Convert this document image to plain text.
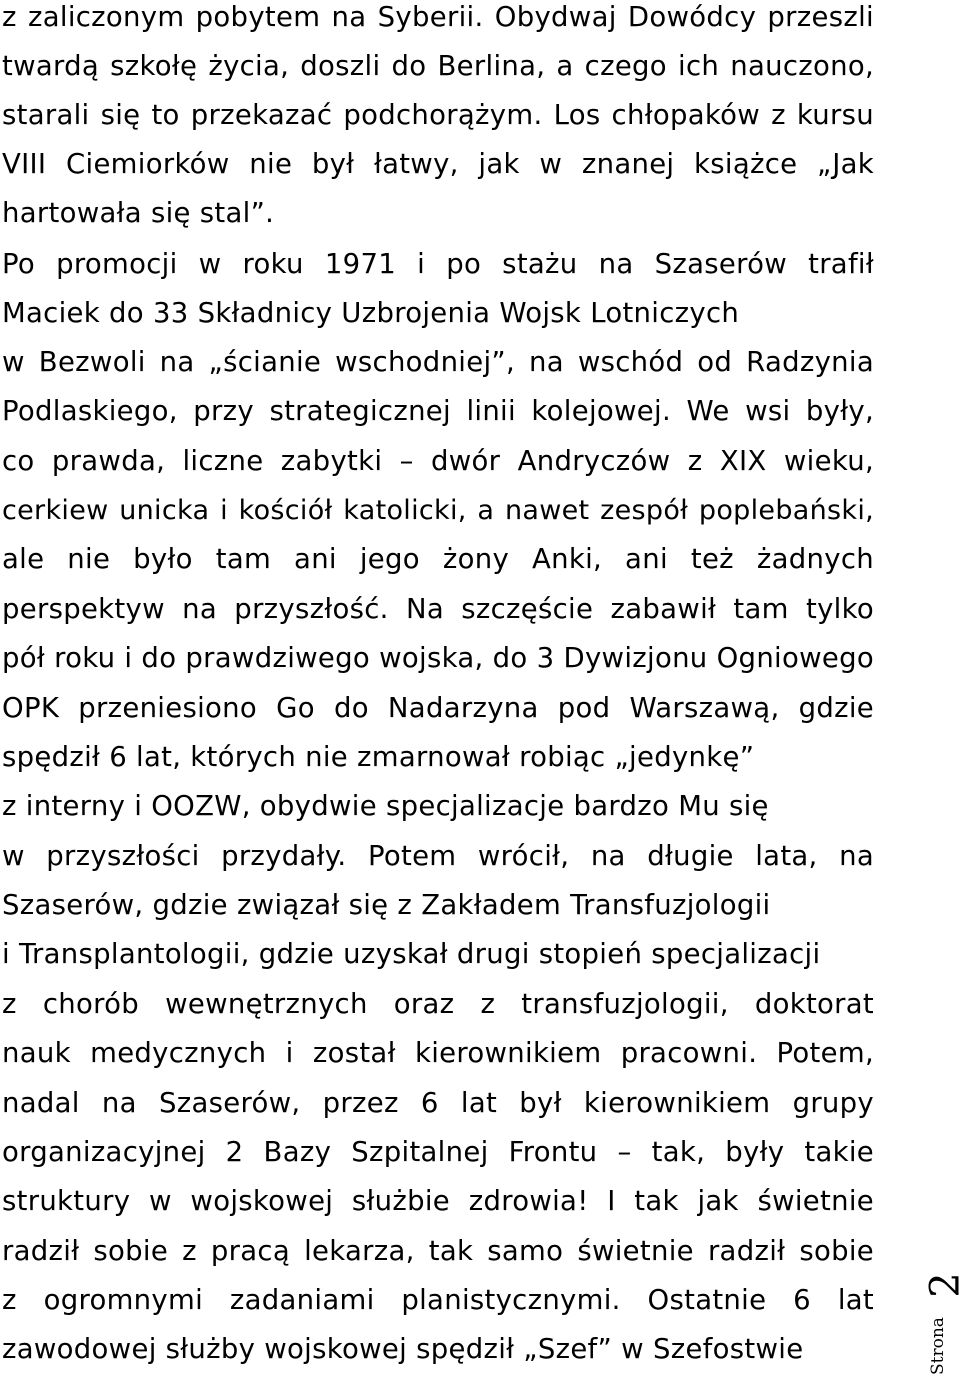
z zaliczonym pobytem na Syberii. Obydwaj Dowódcy przeszli
twardą szkołę życia, doszli do Berlina, a czego ich nauczono,
starali się to przekazać podchorążym. Los chłopaków z kursu
VIII Ciemiorków nie był łatwy, jak w znanej książce „Jak
hartowała się stal”.
Po promocji w roku 1971 i po stażu na Szaserów trafił
Maciek do 33 Składnicy Uzbrojenia Wojsk Lotniczych
w Bezwoli na „ścianie wschodniej”, na wschód od Radzynia
Podlaskiego, przy strategicznej linii kolejowej. We wsi były,
co prawda, liczne zabytki – dwór Andryczów z XIX wieku,
cerkiew unicka i kościół katolicki, a nawet zespół poplebański,
ale nie było tam ani jego żony Anki, ani też żadnych
perspektyw na przyszłość. Na szczęście zabawił tam tylko
pół roku i do prawdziwego wojska, do 3 Dywizjonu Ogniowego
OPK przeniesiono Go do Nadarzyna pod Warszawą, gdzie
spędził 6 lat, których nie zmarnował robiąc „jedynkę”
z interny i OOZW, obydwie specjalizacje bardzo Mu się
w przyszłości przydały. Potem wrócił, na długie lata, na
Szaserów, gdzie związał się z Zakładem Transfuzjologii
i Transplantologii, gdzie uzyskał drugi stopień specjalizacji
z chorób wewnętrznych oraz z transfuzjologii, doktorat
nauk medycznych i został kierownikiem pracowni. Potem,
nadal na Szaserów, przez 6 lat był kierownikiem grupy
organizacyjnej 2 Bazy Szpitalnej Frontu – tak, były takie
struktury w wojskowej służbie zdrowia! I tak jak świetnie
radził sobie z pracą lekarza, tak samo świetnie radził sobie
z ogromnymi zadaniami planistycznymi. Ostatnie 6 lat
zawodowej służby wojskowej spędził „Szef” w Szefostwie	Strona
2
